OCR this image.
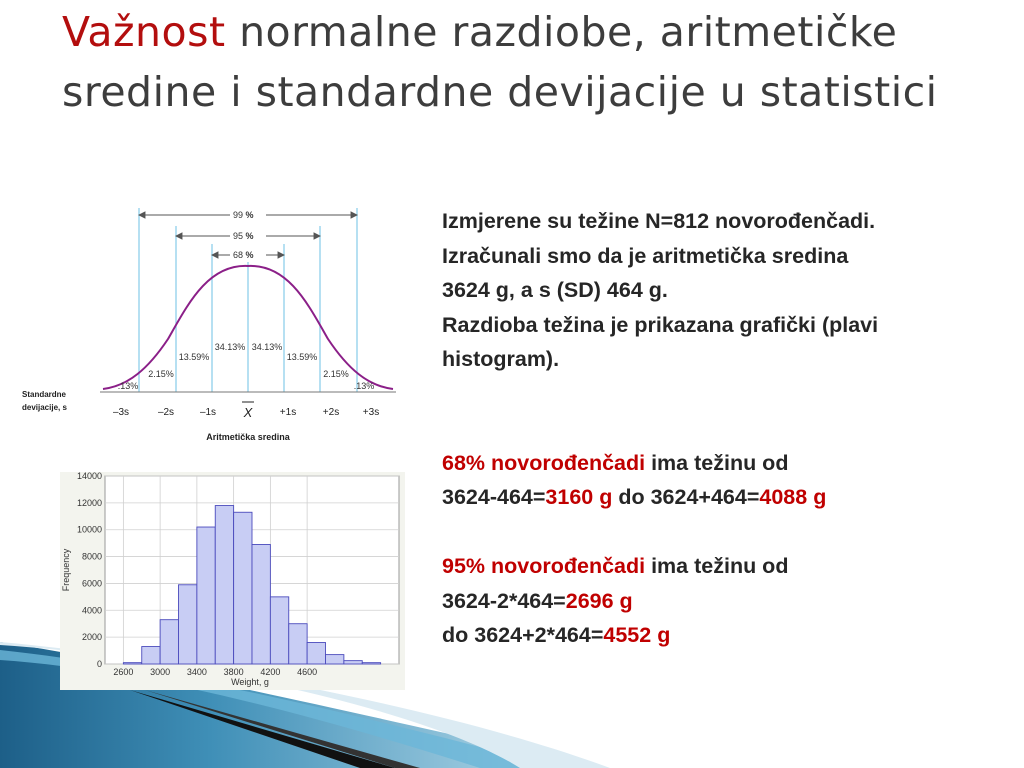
Važnost normalne razdiobe, aritmetičke sredine i standardne devijacije u statistici
99 %
95 %
68 %
.13%
2.15%
13.59%
34.13% 34.13%
13.59%
2.15%
.13%
Standardne
devijacije, s	–3s	–2s	–1s	+1s	+2s +3s
X
Aritmetička sredina
0
2000
4000
6000
8000
10000
12000
14000
2600 3000 3400 3800 4200 4600
Weight, g
Frequency

Izmjerene su težine N=812 novorođenčadi.

Izračunali smo da je aritmetička sredina

3624 g, a s (SD) 464 g.

Razdioba težina je prikazana grafički (plavi

histogram).

68% novorođenčadi ima težinu od

3624-464=3160 g do 3624+464=4088 g

95% novorođenčadi ima težinu od

3624-2*464=2696 g

do 3624+2*464=4552 g
